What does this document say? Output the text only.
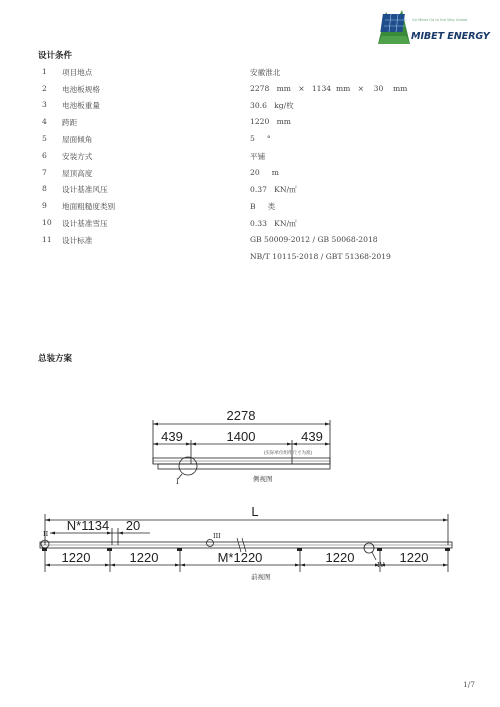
Go Mibet Go to the Way Ahead
MIBET ENERGY
设计条件
1 项目地点	安徽淮北
2 电池板规格	2278   mm   ×   1134  mm   ×    30    mm
3 电池板重量	30.6   kg/枚
4 跨距	1220   mm
5 屋面倾角	5     °
6 安装方式	平铺
7 屋顶高度	20     m
8 设计基准风压	0.37   KN/㎡
9 地面粗糙度类别	B     类
10 设计基准雪压	0.33   KN/㎡
11 设计标准	GB 50009-2012 / GB 50068-2018
NB/T 10115-2018 / GBT 51368-2019
总装方案
2278
439	1400	439
(实际单位组件尺寸为准)
I	侧视图
L
N*1134 20
1220	1220	M*1220	1220	1220
II	III
IV
前视图
1/7
